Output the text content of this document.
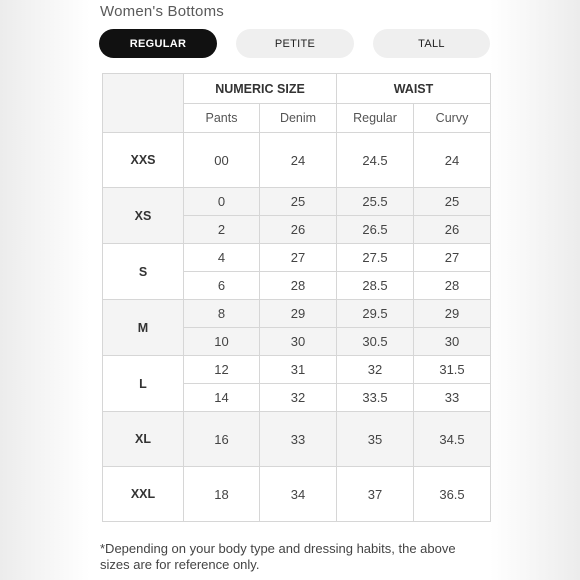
Women's Bottoms
REGULAR	PETITE	TALL
	NUMERIC SIZE		WAIST	
	Pants	Denim	Regular	Curvy
XXS	00	24	24.5	24
XS	0	25	25.5	25
	2	26	26.5	26
S	4	27	27.5	27
	6	28	28.5	28
M	8	29	29.5	29
	10	30	30.5	30
L	12	31	32	31.5
	14	32	33.5	33
XL	16	33	35	34.5
XXL	18	34	37	36.5
*Depending on your body type and dressing habits, the above sizes are for reference only.
